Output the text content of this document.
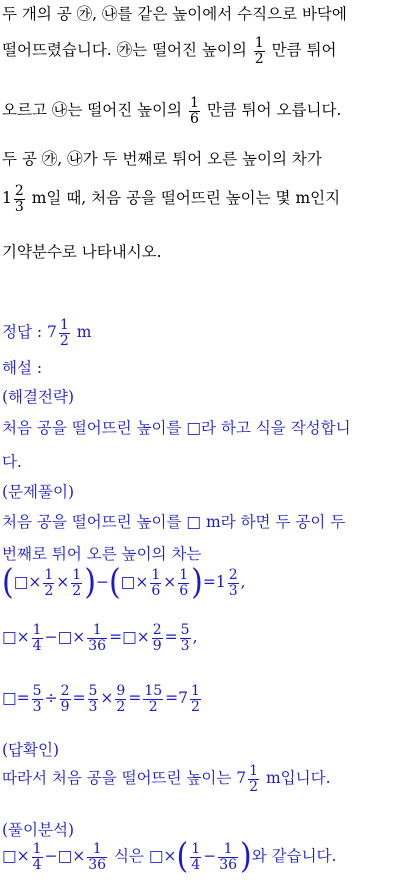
두 개의 공 ㉮, ㉯를 같은 높이에서 수직으로 바닥에
떨어뜨렸습니다. ㉮는 떨어진 높이의 $\frac{1}{2}$ 만큼 튀어
오르고 ㉯는 떨어진 높이의 $\frac{1}{6}$ 만큼 튀어 오릅니다.
두 공 ㉮, ㉯가 두 번째로 튀어 오른 높이의 차가
$1 \frac{2}{3}$ m일 때, 처음 공을 떨어뜨린 높이는 몇 m인지
기약분수로 나타내시오.
정답 : $7 \frac{1}{2}$ m
해설 :
(해결전략)
처음 공을 떨어뜨린 높이를 □라 하고 식을 작성합니
다.
(문제풀이)
처음 공을 떨어뜨린 높이를 □ m라 하면 두 공이 두
번째로 튀어 오른 높이의 차는
(□× $\frac{1}{2} \times \frac{1}{2}$ )−(□× $\frac{1}{6} \times \frac{1}{6} )=1 \frac{2}{3}$ ,
□× $\frac{1}{4}$ −□× $\frac{1}{36}$ =□× $\frac{2}{9} = \frac{5}{3}$ ,
□= $\frac{5}{3} \div \frac{2}{9} = \frac{5}{3} \times \frac{9}{2} = \frac{15}{2} =7 \frac{1}{2}$
(답확인)
따라서 처음 공을 떨어뜨린 높이는 $7 \frac{1}{2}$ m입니다.
(풀이분석)
□× $\frac{1}{4}$ −□× $\frac{1}{36}$ 식은 □×( $\frac{1}{4} - \frac{1}{36}$ )와 같습니다.
